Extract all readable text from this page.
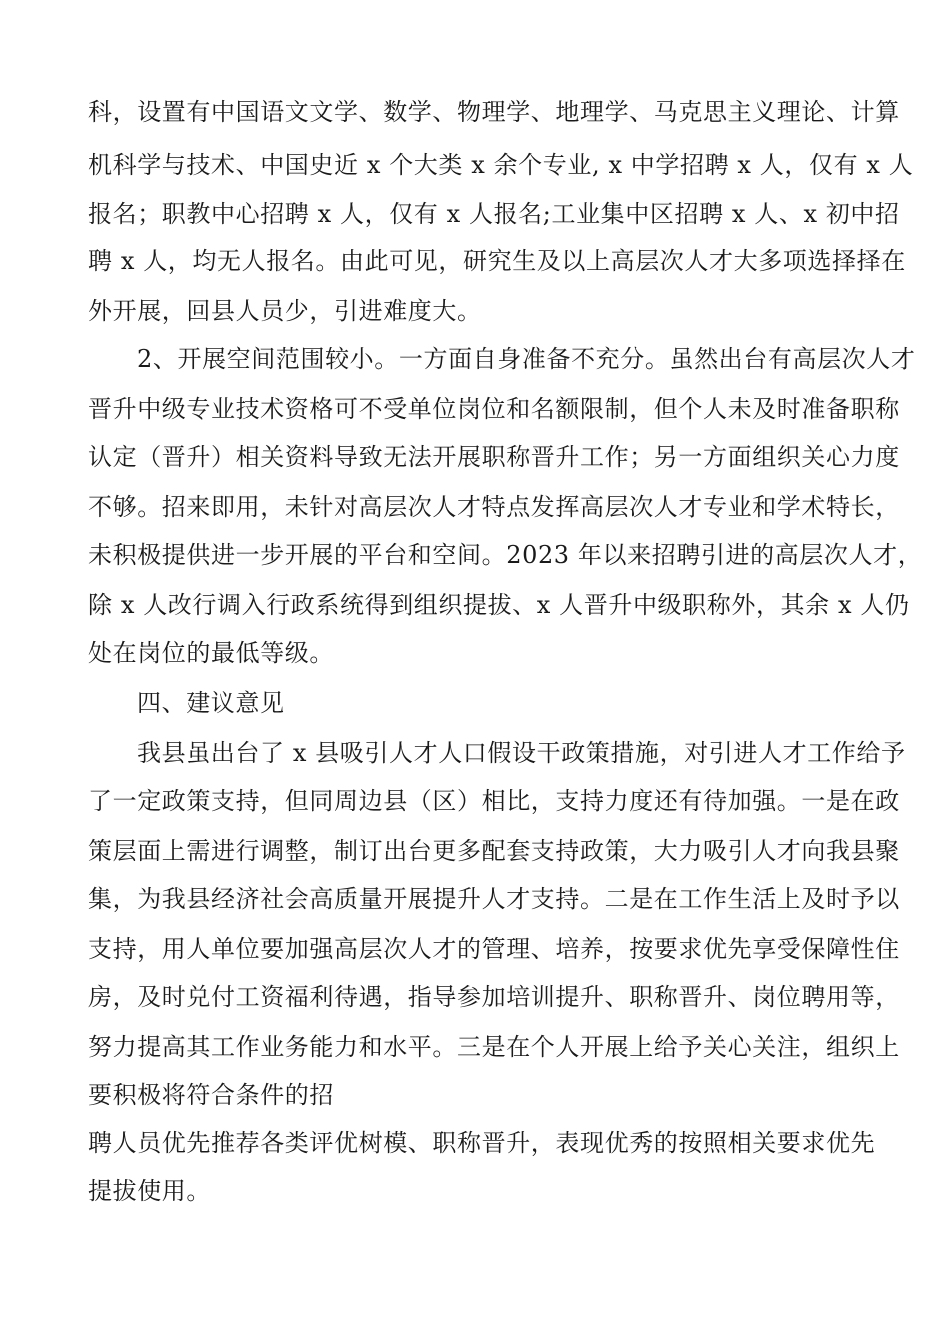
科，设置有中国语文文学、数学、物理学、地理学、马克思主义理论、计算
机科学与技术、中国史近 x 个大类 x 余个专业, x 中学招聘 x 人，仅有 x 人
报名；职教中心招聘 x 人，仅有 x 人报名;工业集中区招聘 x 人、x 初中招
聘 x 人，均无人报名。由此可见，研究生及以上高层次人才大多项选择择在
外开展，回县人员少，引进难度大。
2、开展空间范围较小。一方面自身准备不充分。虽然出台有高层次人才
晋升中级专业技术资格可不受单位岗位和名额限制，但个人未及时准备职称
认定（晋升）相关资料导致无法开展职称晋升工作；另一方面组织关心力度
不够。招来即用，未针对高层次人才特点发挥高层次人才专业和学术特长，
未积极提供进一步开展的平台和空间。2023 年以来招聘引进的高层次人才，
除 x 人改行调入行政系统得到组织提拔、x 人晋升中级职称外，其余 x 人仍
处在岗位的最低等级。
四、建议意见
我县虽出台了 x 县吸引人才人口假设干政策措施，对引进人才工作给予
了一定政策支持，但同周边县（区）相比，支持力度还有待加强。一是在政
策层面上需进行调整，制订出台更多配套支持政策，大力吸引人才向我县聚
集，为我县经济社会高质量开展提升人才支持。二是在工作生活上及时予以
支持，用人单位要加强高层次人才的管理、培养，按要求优先享受保障性住
房，及时兑付工资福利待遇，指导参加培训提升、职称晋升、岗位聘用等，
努力提高其工作业务能力和水平。三是在个人开展上给予关心关注，组织上
要积极将符合条件的招
聘人员优先推荐各类评优树模、职称晋升，表现优秀的按照相关要求优先
提拔使用。
